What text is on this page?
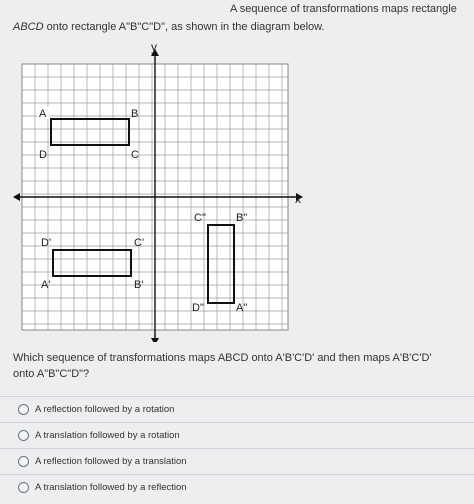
A sequence of transformations maps rectangle
ABCD onto rectangle A"B"C"D", as shown in the diagram below.
y
x
A	B
D	C
D'	C'
A'	B'
C"	B"
D"	A"
Which sequence of transformations maps ABCD onto A'B'C'D' and then maps A'B'C'D' onto A"B"C"D"?
A reflection followed by a rotation
A translation followed by a rotation
A reflection followed by a translation
A translation followed by a reflection
